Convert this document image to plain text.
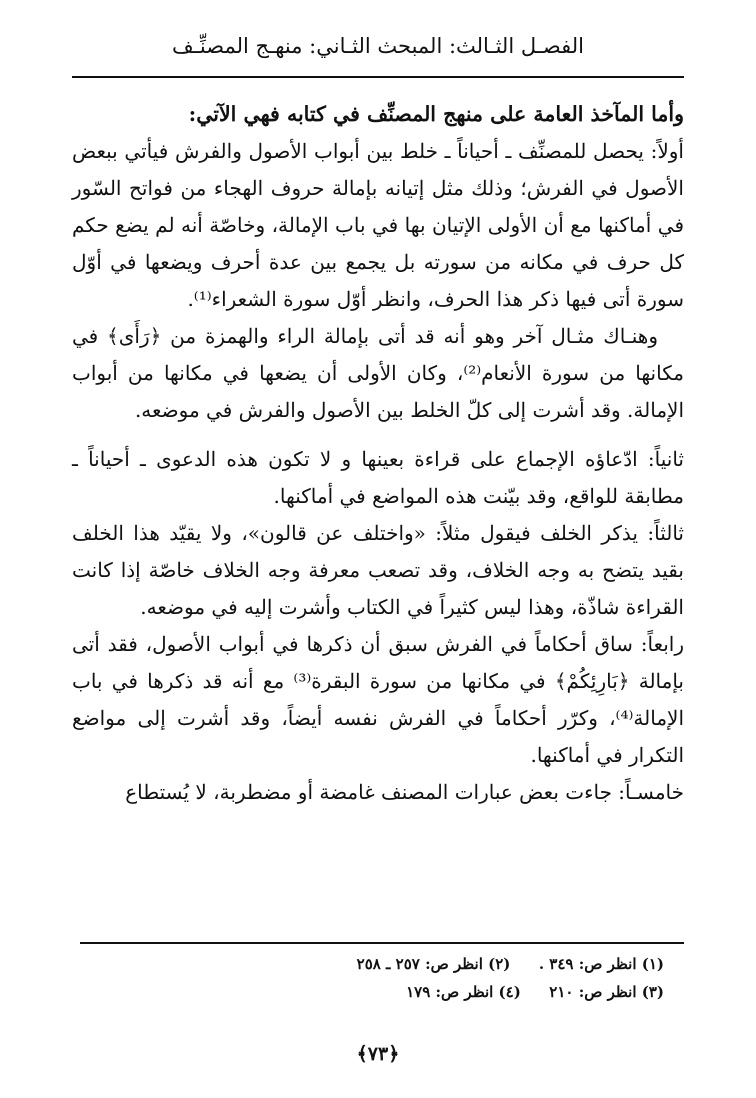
الفصـل الثـالث: المبحث الثـاني: منهـج المصنِّـف

وأما المآخذ العامة على منهج المصنِّف في كتابه فهي الآتي:

أولاً: يحصل للمصنِّف ـ أحياناً ـ خلط بين أبواب الأصول والفرش فيأتي ببعض الأصول في الفرش؛ وذلك مثل إتيانه بإمالة حروف الهجاء من فواتح السّور في أماكنها مع أن الأولى الإتيان بها في باب الإمالة، وخاصّة أنه لم يضع حكم كل حرف في مكانه من سورته بل يجمع بين عدة أحرف ويضعها في أوّل سورة أتى فيها ذكر هذا الحرف، وانظر أوّل سورة الشعراء⁽¹⁾.

وهنـاك مثـال آخر وهو أنه قد أتى بإمالة الراء والهمزة من ﴿رَأَى﴾ في مكانها من سورة الأنعام⁽²⁾، وكان الأولى أن يضعها في مكانها من أبواب الإمالة. وقد أشرت إلى كلّ الخلط بين الأصول والفرش في موضعه.

ثانياً: ادّعاؤه الإجماع على قراءة بعينها و لا تكون هذه الدعوى ـ أحياناً ـ مطابقة للواقع، وقد بيّنت هذه المواضع في أماكنها.

ثالثاً: يذكر الخلف فيقول مثلاً: «واختلف عن قالون»، ولا يقيّد هذا الخلف بقيد يتضح به وجه الخلاف، وقد تصعب معرفة وجه الخلاف خاصّة إذا كانت القراءة شاذّة، وهذا ليس كثيراً في الكتاب وأشرت إليه في موضعه.

رابعاً: ساق أحكاماً في الفرش سبق أن ذكرها في أبواب الأصول، فقد أتى بإمالة ﴿بَارِئِكُمْ﴾ في مكانها من سورة البقرة⁽³⁾ مع أنه قد ذكرها في باب الإمالة⁽⁴⁾، وكرّر أحكاماً في الفرش نفسه أيضاً، وقد أشرت إلى مواضع التكرار في أماكنها.

خامسـاً: جاءت بعض عبارات المصنف غامضة أو مضطربة، لا يُستطاع

(١) انظر ص: ٣٤٩ .  (٢) انظر ص: ٢٥٧ ـ ٢٥٨
(٣) انظر ص: ٢١٠  (٤) انظر ص: ١٧٩
﴿٧٣﴾
